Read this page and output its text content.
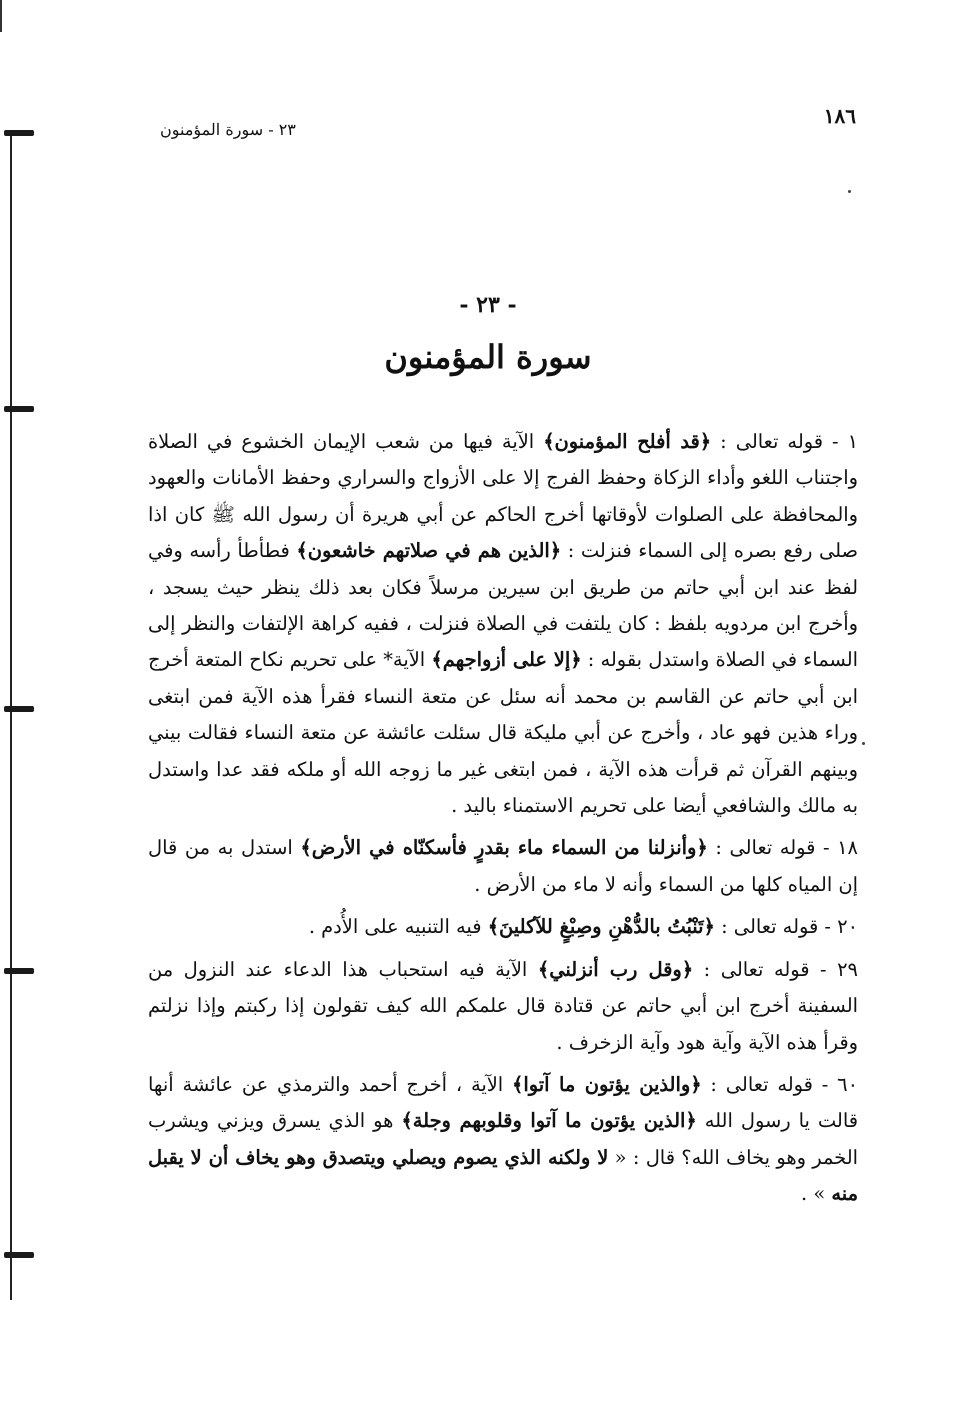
١٨٦
٢٣ - سورة المؤمنون
- ٢٣ -
سورة المؤمنون

١ - قوله تعالى : ﴿قد أفلح المؤمنون﴾ الآية فيها من شعب الإيمان الخشوع في الصلاة واجتناب اللغو وأداء الزكاة وحفظ الفرج إلا على الأزواج والسراري وحفظ الأمانات والعهود والمحافظة على الصلوات لأوقاتها أخرج الحاكم عن أبي هريرة أن رسول الله ﷺ كان اذا صلى رفع بصره إلى السماء فنزلت : ﴿الذين هم في صلاتهم خاشعون﴾ فطأطأ رأسه وفي لفظ عند ابن أبي حاتم من طريق ابن سيرين مرسلاً فكان بعد ذلك ينظر حيث يسجد ، وأخرج ابن مردويه بلفظ : كان يلتفت في الصلاة فنزلت ، ففيه كراهة الإلتفات والنظر إلى السماء في الصلاة واستدل بقوله : ﴿إلا على أزواجهم﴾ الآية* على تحريم نكاح المتعة أخرج ابن أبي حاتم عن القاسم بن محمد أنه سئل عن متعة النساء فقرأ هذه الآية فمن ابتغى وراء هذين فهو عاد ، وأخرج عن أبي مليكة قال سئلت عائشة عن متعة النساء فقالت بيني وبينهم القرآن ثم قرأت هذه الآية ، فمن ابتغى غير ما زوجه الله أو ملكه فقد عدا واستدل به مالك والشافعي أيضا على تحريم الاستمناء باليد .

١٨ - قوله تعالى : ﴿وأنزلنا من السماء ماء بقدرٍ فأسكنّاه في الأرض﴾ استدل به من قال إن المياه كلها من السماء وأنه لا ماء من الأرض .

٢٠ - قوله تعالى : ﴿تَنْبُتُ بالدُّهْنِ وصِبْغٍ للآكلينَ﴾ فيه التنبيه على الأُدم .

٢٩ - قوله تعالى : ﴿وقل رب أنزلني﴾ الآية فيه استحباب هذا الدعاء عند النزول من السفينة أخرج ابن أبي حاتم عن قتادة قال علمكم الله كيف تقولون إذا ركبتم وإذا نزلتم وقرأ هذه الآية وآية هود وآية الزخرف .

٦٠ - قوله تعالى : ﴿والذين يؤتون ما آتوا﴾ الآية ، أخرج أحمد والترمذي عن عائشة أنها قالت يا رسول الله ﴿الذين يؤتون ما آتوا وقلوبهم وجلة﴾ هو الذي يسرق ويزني ويشرب الخمر وهو يخاف الله؟ قال : « لا ولكنه الذي يصوم ويصلي ويتصدق وهو يخاف أن لا يقبل منه » .
